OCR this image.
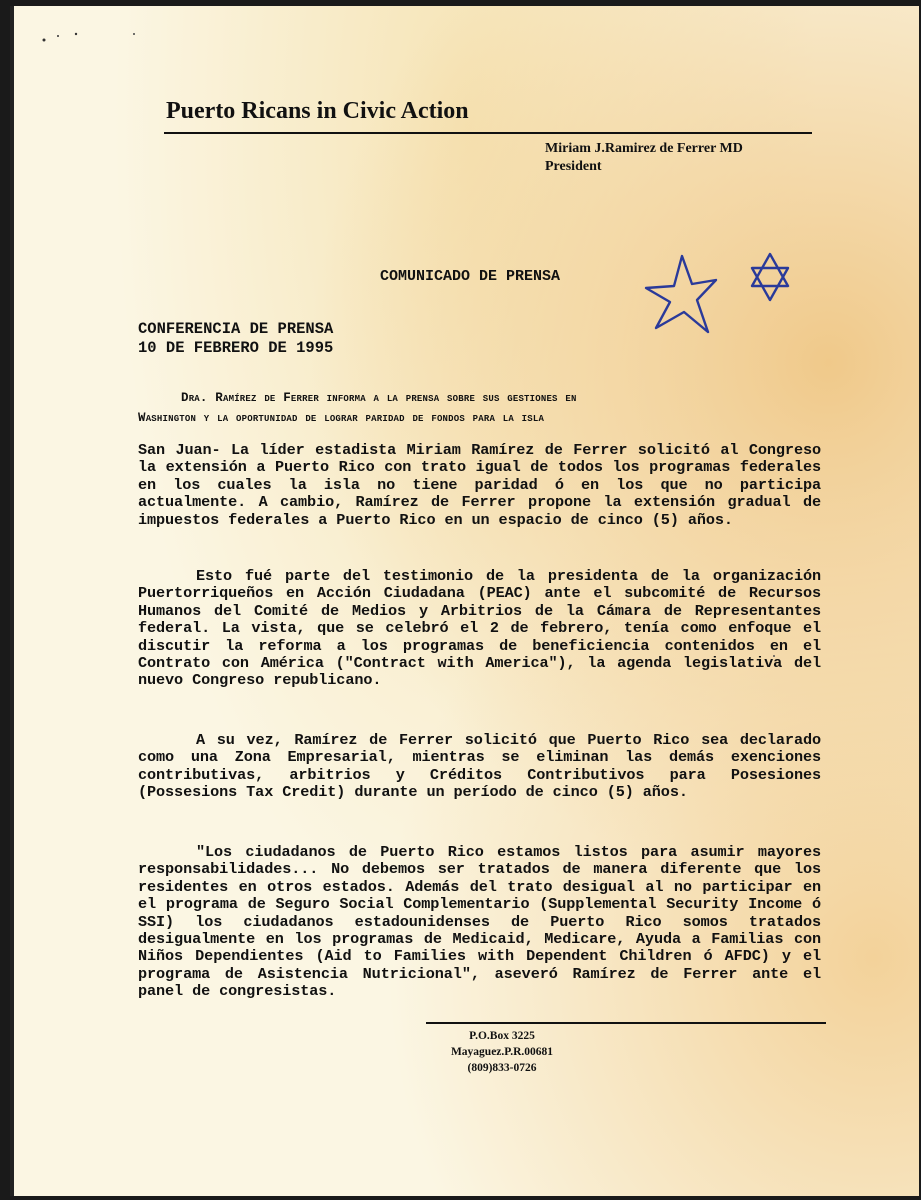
Puerto Ricans in Civic Action
Miriam J.Ramirez de Ferrer MD
President
COMUNICADO DE PRENSA
CONFERENCIA DE PRENSA
10 DE FEBRERO DE 1995
Dra. Ramírez de Ferrer informa a la prensa sobre sus gestiones en
Washington y la oportunidad de lograr paridad de fondos para la isla
San Juan- La líder estadista Miriam Ramírez de Ferrer solicitó al Congreso la extensión a Puerto Rico con trato igual de todos los programas federales en los cuales la isla no tiene paridad ó en los que no participa actualmente. A cambio, Ramírez de Ferrer propone la extensión gradual de impuestos federales a Puerto Rico en un espacio de cinco (5) años.
Esto fué parte del testimonio de la presidenta de la organización Puertorriqueños en Acción Ciudadana (PEAC) ante el subcomité de Recursos Humanos del Comité de Medios y Arbitrios de la Cámara de Representantes federal. La vista, que se celebró el 2 de febrero, tenía como enfoque el discutir la reforma a los programas de beneficiencia contenidos en el Contrato con América ("Contract with America"), la agenda legislativa del nuevo Congreso republicano.
A su vez, Ramírez de Ferrer solicitó que Puerto Rico sea declarado como una Zona Empresarial, mientras se eliminan las demás exenciones contributivas, arbitrios y Créditos Contributivos para Posesiones (Possesions Tax Credit) durante un período de cinco (5) años.
"Los ciudadanos de Puerto Rico estamos listos para asumir mayores responsabilidades... No debemos ser tratados de manera diferente que los residentes en otros estados. Además del trato desigual al no participar en el programa de Seguro Social Complementario (Supplemental Security Income ó SSI) los ciudadanos estadounidenses de Puerto Rico somos tratados desigualmente en los programas de Medicaid, Medicare, Ayuda a Familias con Niños Dependientes (Aid to Families with Dependent Children ó AFDC) y el programa de Asistencia Nutricional", aseveró Ramírez de Ferrer ante el panel de congresistas.
P.O.Box 3225
Mayaguez.P.R.00681
(809)833-0726
